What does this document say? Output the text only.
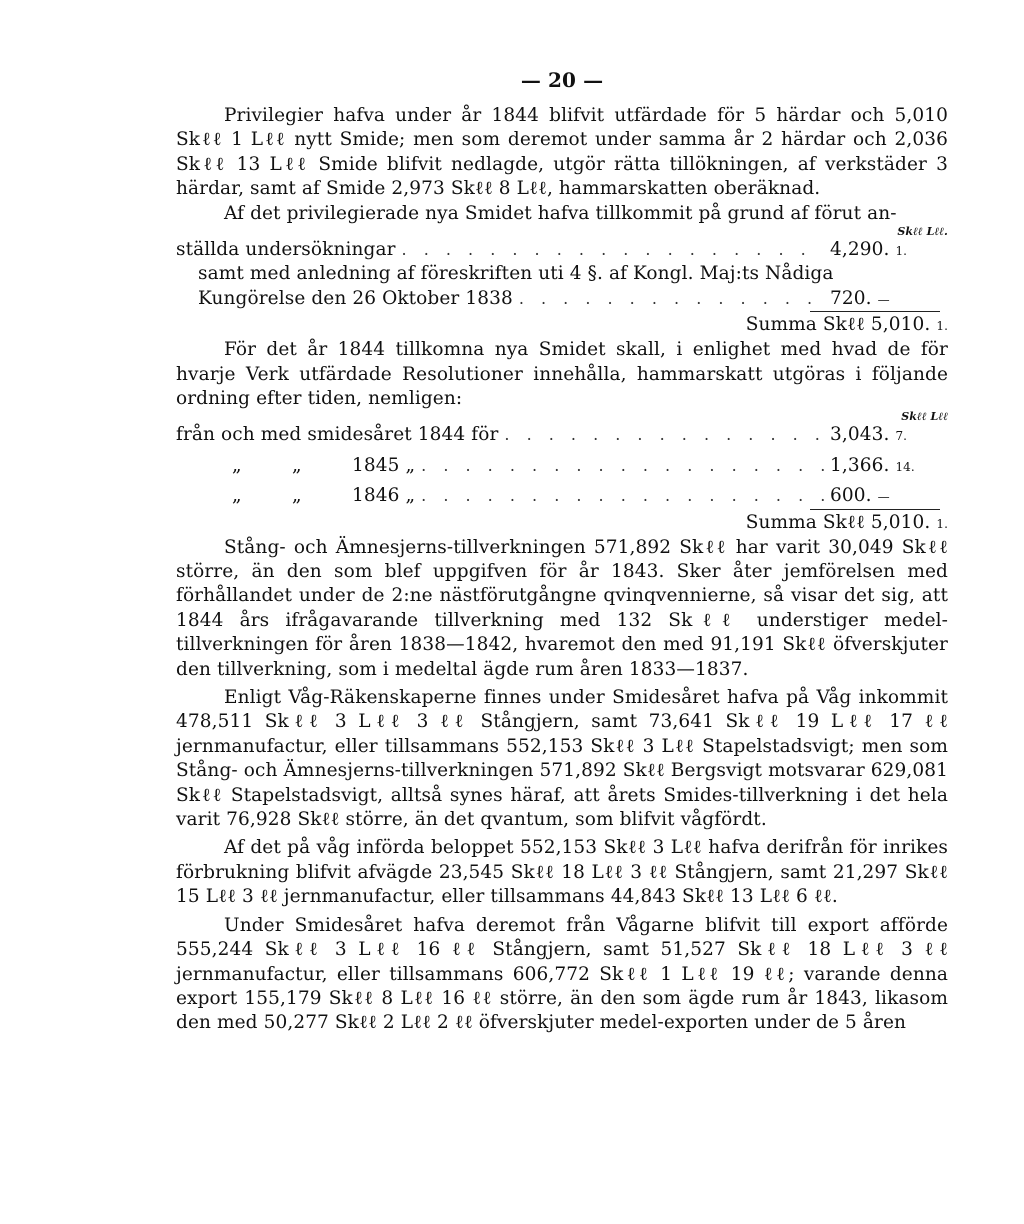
— 20 —

Privilegier hafva under år 1844 blifvit utfärdade för 5 härdar och 5,010 Skℓℓ 1 Lℓℓ nytt Smide; men som deremot under samma år 2 härdar och 2,036 Skℓℓ 13 Lℓℓ Smide blifvit nedlagde, utgör rätta tillökningen, af verkstäder 3 härdar, samt af Smide 2,973 Skℓℓ 8 Lℓℓ, hammarskatten oberäknad.

Af det privilegierade nya Smidet hafva tillkommit på grund af förut an-

Skℓℓ Lℓℓ.
ställda undersökningar . . .	4,290. 1.
samt med anledning af föreskriften uti 4 §. af Kongl. Maj:ts Nådiga
Kungörelse den 26 Oktober 1838 . . .	720. —
Summa Skℓℓ 5,010. 1.

För det år 1844 tillkomna nya Smidet skall, i enlighet med hvad de för hvarje Verk utfärdade Resolutioner innehålla, hammarskatt utgöras i följande ordning efter tiden, nemligen:

Skℓℓ Lℓℓ
från och med smidesåret 1844 för . . .	3,043. 7.
„	„	1845 „ . . .	1,366. 14.
„	„	1846 „ . . .	600. —
Summa Skℓℓ 5,010. 1.

Stång- och Ämnesjerns-tillverkningen 571,892 Skℓℓ har varit 30,049 Skℓℓ större, än den som blef uppgifven för år 1843. Sker åter jemförelsen med förhållandet under de 2:ne nästförutgångne qvinqvennierne, så visar det sig, att 1844 års ifrågavarande tillverkning med 132 Skℓℓ understiger medel-tillverkningen för åren 1838—1842, hvaremot den med 91,191 Skℓℓ öfverskjuter den tillverkning, som i medeltal ägde rum åren 1833—1837.

Enligt Våg-Räkenskaperne finnes under Smidesåret hafva på Våg inkommit 478,511 Skℓℓ 3 Lℓℓ 3 ℓℓ Stångjern, samt 73,641 Skℓℓ 19 Lℓℓ 17 ℓℓ jernmanufactur, eller tillsammans 552,153 Skℓℓ 3 Lℓℓ Stapelstadsvigt; men som Stång- och Ämnesjerns-tillverkningen 571,892 Skℓℓ Bergsvigt motsvarar 629,081 Skℓℓ Stapelstadsvigt, alltså synes häraf, att årets Smides-tillverkning i det hela varit 76,928 Skℓℓ större, än det qvantum, som blifvit vågfördt.

Af det på våg införda beloppet 552,153 Skℓℓ 3 Lℓℓ hafva derifrån för inrikes förbrukning blifvit afvägde 23,545 Skℓℓ 18 Lℓℓ 3 ℓℓ Stångjern, samt 21,297 Skℓℓ 15 Lℓℓ 3 ℓℓ jernmanufactur, eller tillsammans 44,843 Skℓℓ 13 Lℓℓ 6 ℓℓ.

Under Smidesåret hafva deremot från Vågarne blifvit till export afförde 555,244 Skℓℓ 3 Lℓℓ 16 ℓℓ Stångjern, samt 51,527 Skℓℓ 18 Lℓℓ 3 ℓℓ jernmanufactur, eller tillsammans 606,772 Skℓℓ 1 Lℓℓ 19 ℓℓ; varande denna export 155,179 Skℓℓ 8 Lℓℓ 16 ℓℓ större, än den som ägde rum år 1843, likasom den med 50,277 Skℓℓ 2 Lℓℓ 2 ℓℓ öfverskjuter medel-exporten under de 5 åren
